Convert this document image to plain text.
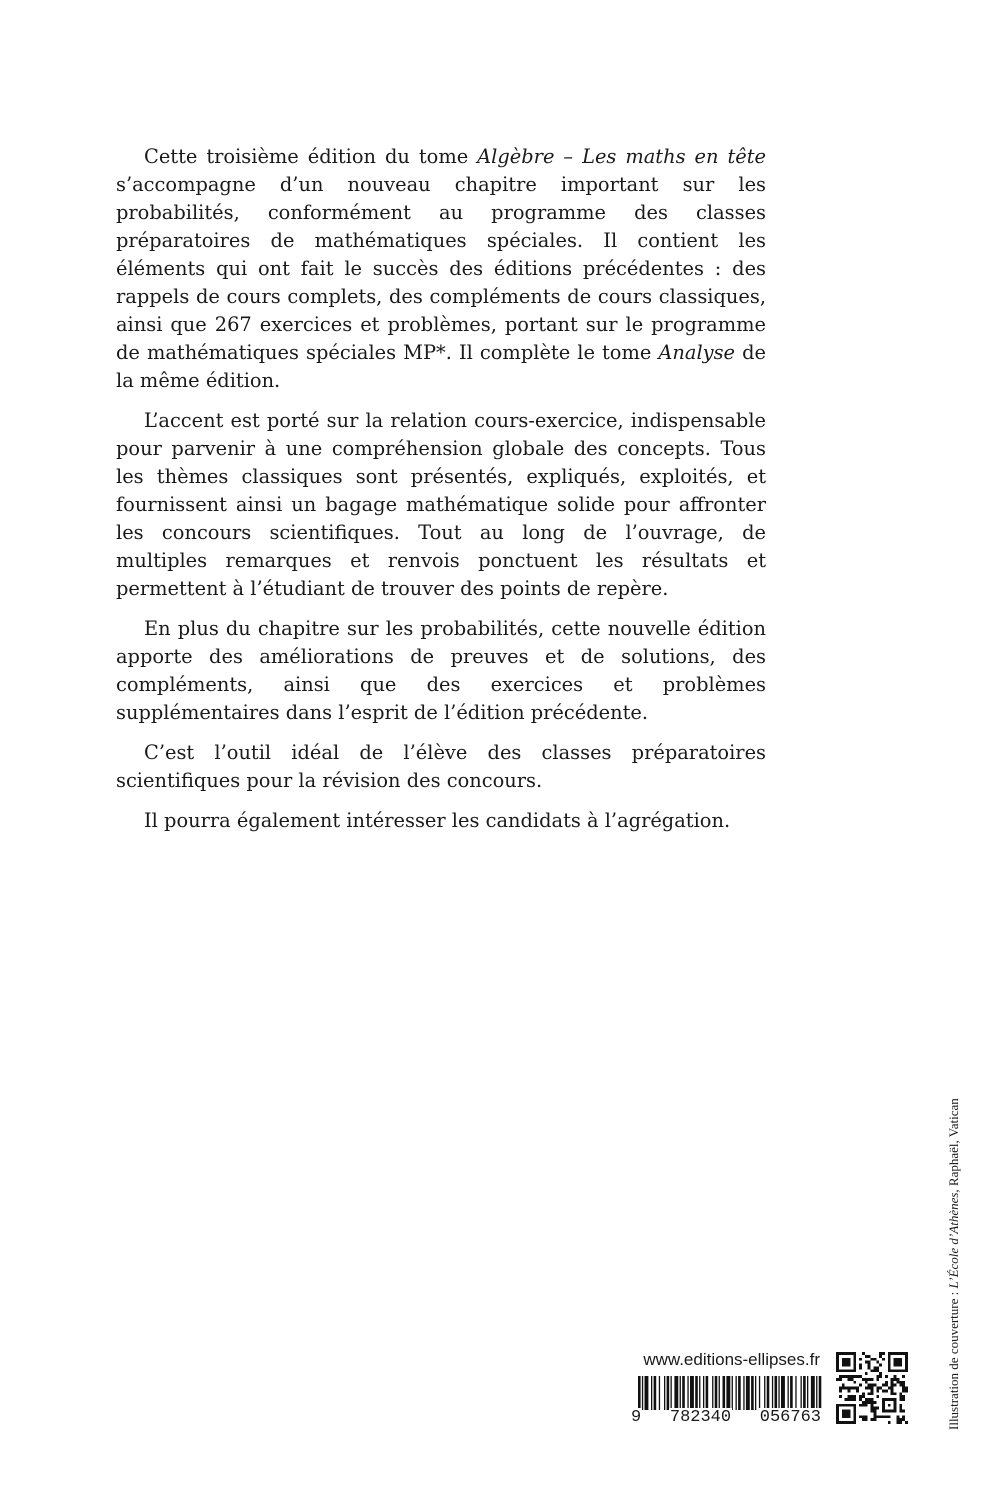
Cette troisième édition du tome Algèbre – Les maths en tête s’accompagne d’un nouveau chapitre important sur les probabilités, conformément au programme des classes préparatoires de mathématiques spéciales. Il contient les éléments qui ont fait le succès des éditions précédentes : des rappels de cours complets, des compléments de cours classiques, ainsi que 267 exercices et problèmes, portant sur le programme de mathématiques spéciales MP*. Il complète le tome Analyse de la même édition.

L’accent est porté sur la relation cours-exercice, indispensable pour parvenir à une compréhension globale des concepts. Tous les thèmes classiques sont présentés, expliqués, exploités, et fournissent ainsi un bagage mathématique solide pour affronter les concours scientifiques. Tout au long de l’ouvrage, de multiples remarques et renvois ponctuent les résultats et permettent à l’étudiant de trouver des points de repère.

En plus du chapitre sur les probabilités, cette nouvelle édition apporte des améliorations de preuves et de solutions, des compléments, ainsi que des exercices et problèmes supplémentaires dans l’esprit de l’édition précédente.

C’est l’outil idéal de l’élève des classes préparatoires scientifiques pour la révision des concours.

Il pourra également intéresser les candidats à l’agrégation.

www.editions-ellipses.fr
9 782340 056763	Illustration de couverture : L’École d’Athènes, Raphaël, Vatican
